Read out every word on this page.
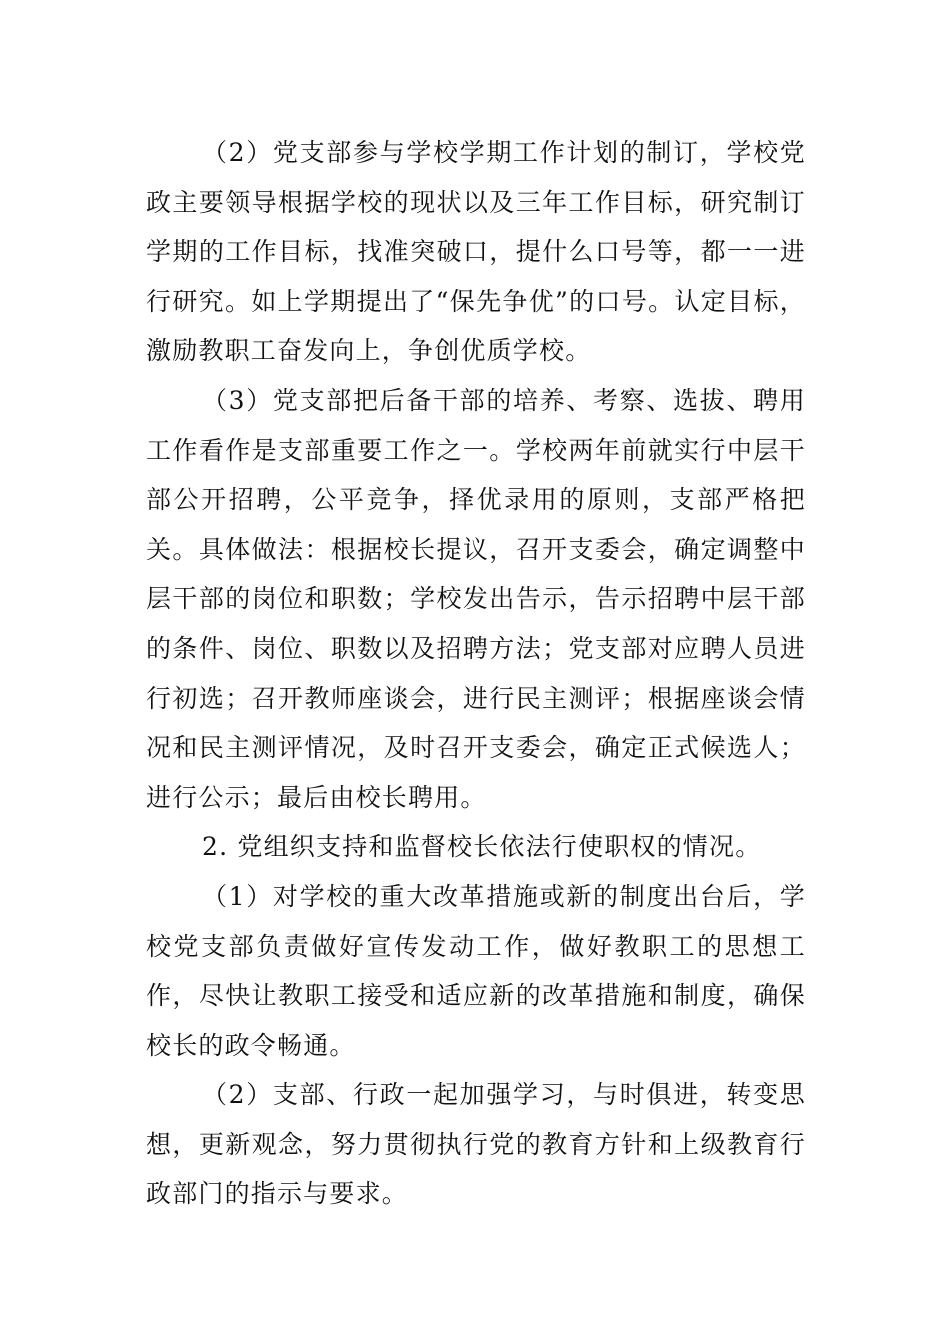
（2）党支部参与学校学期工作计划的制订，学校党政主要领导根据学校的现状以及三年工作目标，研究制订学期的工作目标，找准突破口，提什么口号等，都一一进行研究。如上学期提出了“保先争优”的口号。认定目标，激励教职工奋发向上，争创优质学校。

（3）党支部把后备干部的培养、考察、选拔、聘用工作看作是支部重要工作之一。学校两年前就实行中层干部公开招聘，公平竞争，择优录用的原则，支部严格把关。具体做法：根据校长提议，召开支委会，确定调整中层干部的岗位和职数；学校发出告示，告示招聘中层干部的条件、岗位、职数以及招聘方法；党支部对应聘人员进行初选；召开教师座谈会，进行民主测评；根据座谈会情况和民主测评情况，及时召开支委会，确定正式候选人；进行公示；最后由校长聘用。

2. 党组织支持和监督校长依法行使职权的情况。

（1）对学校的重大改革措施或新的制度出台后，学校党支部负责做好宣传发动工作，做好教职工的思想工作，尽快让教职工接受和适应新的改革措施和制度，确保校长的政令畅通。

（2）支部、行政一起加强学习，与时俱进，转变思想，更新观念，努力贯彻执行党的教育方针和上级教育行政部门的指示与要求。
